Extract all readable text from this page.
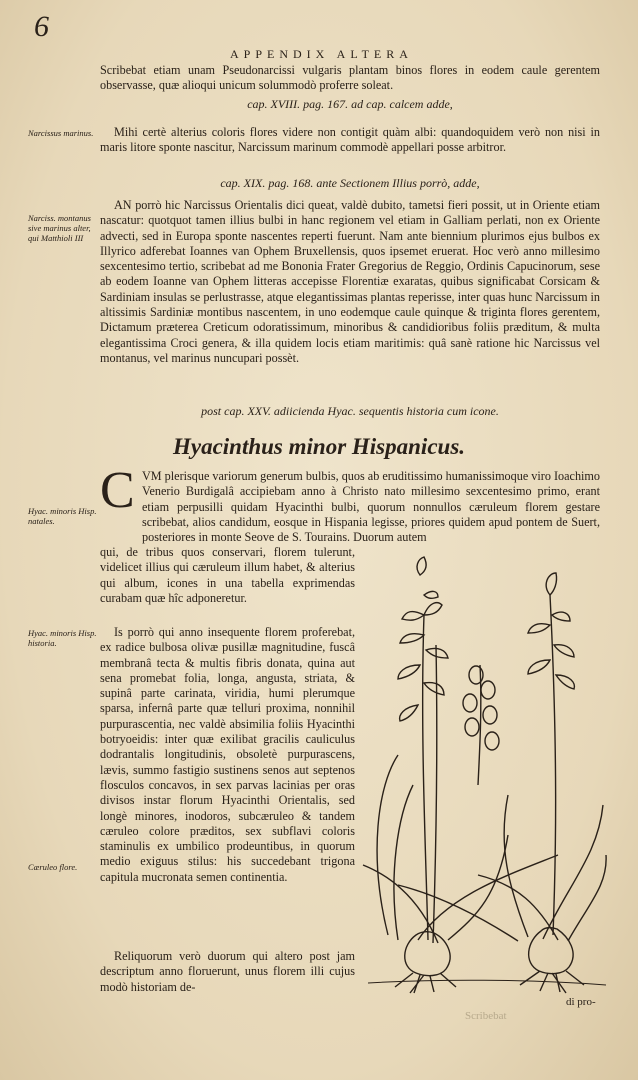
6
APPENDIX ALTERA

Scribebat etiam unam Pseudonarcissi vulgaris plantam binos flores in eodem caule gerentem observasse, quæ alioqui unicum solummodò proferre soleat.

cap. XVIII. pag. 167. ad cap. calcem adde,
Narcissus marinus.	Mihi certè alterius coloris flores videre non contigit quàm albi: quandoquidem verò non nisi in maris litore sponte nascitur, Narcissum marinum commodè appellari posse arbitror.

cap. XIX. pag. 168. ante Sectionem Illius porrò, adde,
Narciss. montanus sive marinus alter, qui Matthioli III

AN porrò hic Narcissus Orientalis dici queat, valdè dubito, tametsi fieri possit, ut in Oriente etiam nascatur: quotquot tamen illius bulbi in hanc regionem vel etiam in Galliam perlati, non ex Oriente advecti, sed in Europa sponte nascentes reperti fuerunt. Nam ante biennium plurimos ejus bulbos ex Illyrico adferebat Ioannes van Ophem Bruxellensis, quos ipsemet eruerat. Hoc verò anno millesimo sexcentesimo tertio, scribebat ad me Bononia Frater Gregorius de Reggio, Ordinis Capucinorum, sese ab eodem Ioanne van Ophem litteras accepisse Florentiæ exaratas, quibus significabat Corsicam & Sardiniam insulas se perlustrasse, atque elegantissimas plantas reperisse, inter quas hunc Narcissum in altissimis Sardiniæ montibus nascentem, in uno eodemque caule quinque & triginta flores gerentem, Dictamum præterea Creticum odoratissimum, minoribus & candidioribus foliis præditum, & multa elegantissima Croci genera, & illa quidem locis etiam maritimis: quâ sanè ratione hic Narcissus vel montanus, vel marinus nuncupari possèt.

post cap. XXV. adiicienda Hyac. sequentis historia cum icone.
Hyacinthus minor Hispanicus.
C VM plerisque variorum generum bulbis, quos ab eruditissimo humanissimoque viro Ioachimo Venerio Burdigalâ accipiebam anno à Christo nato millesimo sexcentesimo primo, erant etiam perpusilli quidam Hyacinthi bulbi, quorum nonnullos cæruleum florem gestare scribebat, alios candidum, eosque in Hispania legisse, priores quidem apud pontem de Suert, posteriores in monte Seove de S. Tourains. Duorum autem

Hyac. minoris Hisp. natales.

qui, de tribus quos conservari, florem tulerunt, videlicet illius qui cæruleum illum habet, & alterius qui album, icones in una tabella exprimendas curabam quæ hîc adponeretur.

Hyac. minoris Hisp. historia.

Is porrò qui anno insequente florem proferebat, ex radice bulbosa olivæ pusillæ magnitudine, fuscâ membranâ tecta & multis fibris donata, quina aut sena promebat folia, longa, angusta, striata, & supinâ parte carinata, viridia, humi plerumque sparsa, infernâ parte quæ telluri proxima, nonnihil purpurascentia, nec valdè absimilia foliis Hyacinthi botryoeidis: inter quæ exilibat gracilis cauliculus dodrantalis longitudinis, obsoletè purpurascens, lævis, summo fastigio sustinens senos aut septenos flosculos concavos, in sex parvas lacinias per oras divisos instar florum Hyacinthi Orientalis, sed longè minores, inodoros, subcæruleo & tandem cæruleo colore præditos, sex subflavi coloris staminulis ex umbilico prodeuntibus, in quorum medio exiguus stilus: his succedebant trigona capitula mucronata semen continentia.

Cæruleo flore.

Reliquorum verò duorum qui altero post jam descriptum anno floruerunt, unus florem illi cujus modò historiam de-

Scribebat
di pro-
